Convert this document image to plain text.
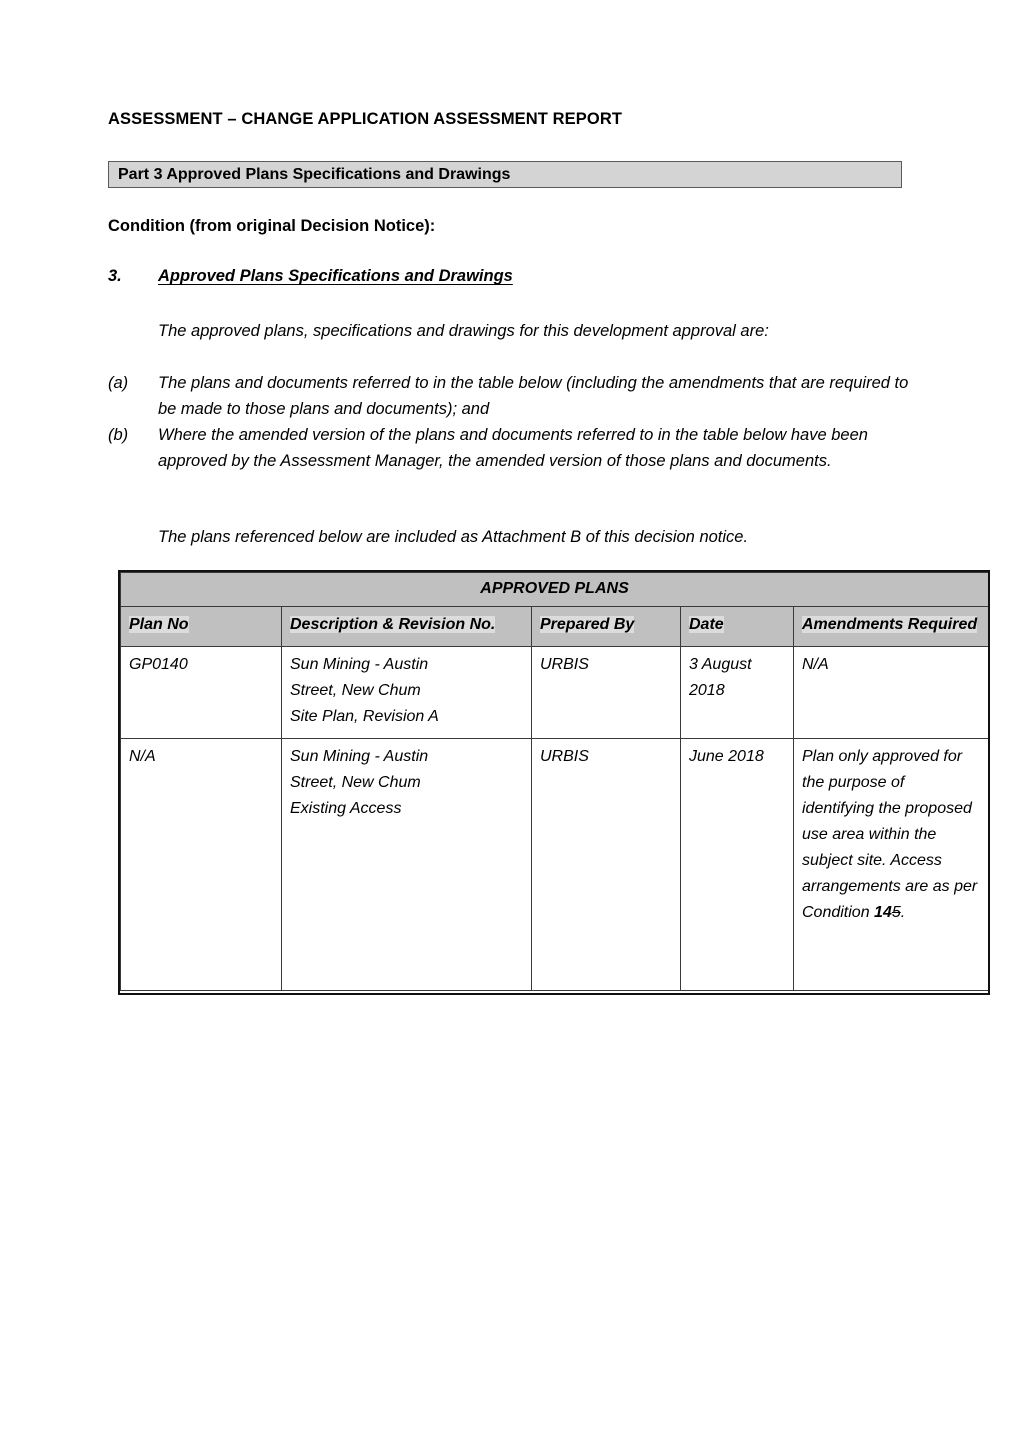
ASSESSMENT – CHANGE APPLICATION ASSESSMENT REPORT
Part 3 Approved Plans Specifications and Drawings
Condition (from original Decision Notice):
3. Approved Plans Specifications and Drawings
The approved plans, specifications and drawings for this development approval are:
(a) The plans and documents referred to in the table below (including the amendments that are required to be made to those plans and documents); and
(b) Where the amended version of the plans and documents referred to in the table below have been approved by the Assessment Manager, the amended version of those plans and documents.
The plans referenced below are included as Attachment B of this decision notice.
APPROVED PLANS				
Plan No	Description & Revision No.	Prepared By	Date	Amendments Required
GP0140	Sun Mining - Austin
Street, New Chum
Site Plan, Revision A	URBIS	3 August 2018	N/A
N/A	Sun Mining - Austin
Street, New Chum
Existing Access	URBIS	June 2018	Plan only approved for the purpose of identifying the proposed use area within the subject site. Access arrangements are as per Condition 145.
